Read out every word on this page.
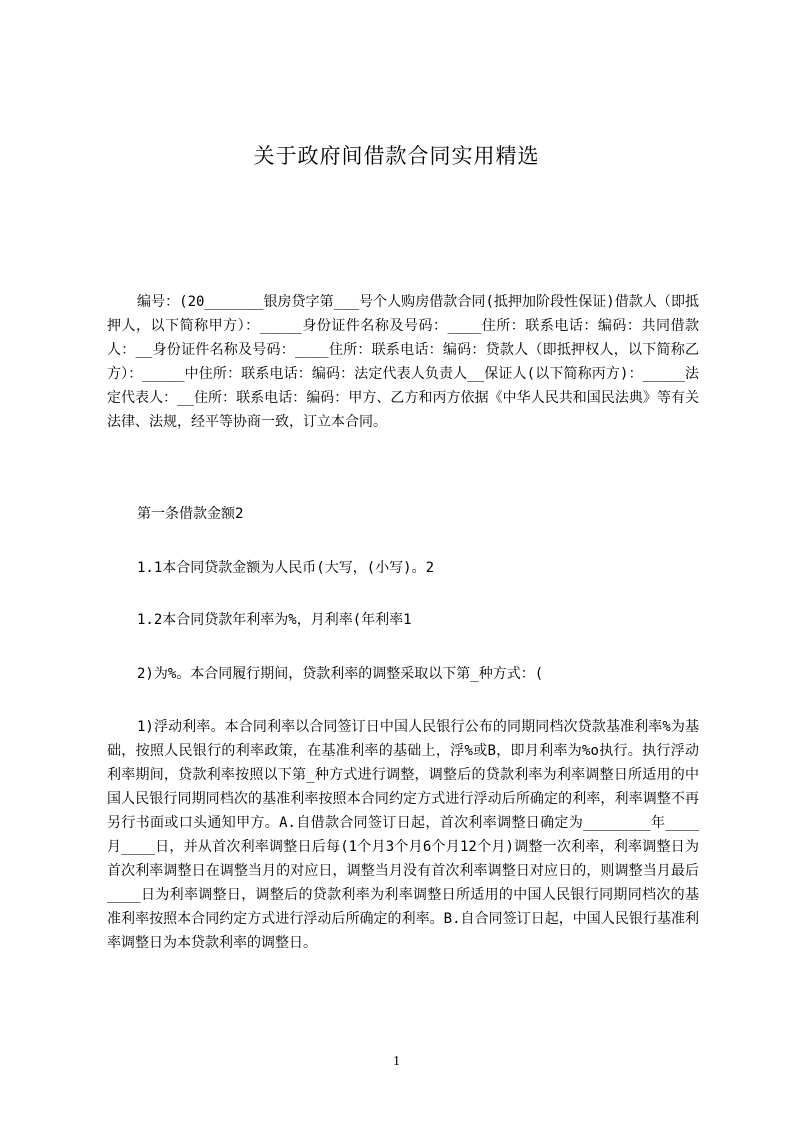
关于政府间借款合同实用精选

编号：(20_______银房贷字第___号个人购房借款合同(抵押加阶段性保证)借款人（即抵押人，以下简称甲方）：_____身份证件名称及号码：____住所：联系电话：编码：共同借款人：__身份证件名称及号码：____住所：联系电话：编码：贷款人（即抵押权人，以下简称乙方）：_____中住所：联系电话：编码：法定代表人负责人__保证人(以下简称丙方)：_____法定代表人：__住所：联系电话：编码：甲方、乙方和丙方依据《中华人民共和国民法典》等有关法律、法规，经平等协商一致，订立本合同。

第一条借款金额2

1.1本合同贷款金额为人民币(大写，(小写)。2

1.2本合同贷款年利率为%，月利率(年利率1

2)为%。本合同履行期间，贷款利率的调整采取以下第_种方式：(

1)浮动利率。本合同利率以合同签订日中国人民银行公布的同期同档次贷款基准利率%为基础，按照人民银行的利率政策，在基准利率的基础上，浮%或B，即月利率为%o执行。执行浮动利率期间，贷款利率按照以下第_种方式进行调整，调整后的贷款利率为利率调整日所适用的中国人民银行同期同档次的基准利率按照本合同约定方式进行浮动后所确定的利率，利率调整不再另行书面或口头通知甲方。A.自借款合同签订日起，首次利率调整日确定为________年____月____日，并从首次利率调整日后每(1个月3个月6个月12个月)调整一次利率，利率调整日为首次利率调整日在调整当月的对应日，调整当月没有首次利率调整日对应日的，则调整当月最后____日为利率调整日，调整后的贷款利率为利率调整日所适用的中国人民银行同期同档次的基准利率按照本合同约定方式进行浮动后所确定的利率。B.自合同签订日起，中国人民银行基准利率调整日为本贷款利率的调整日。

1
